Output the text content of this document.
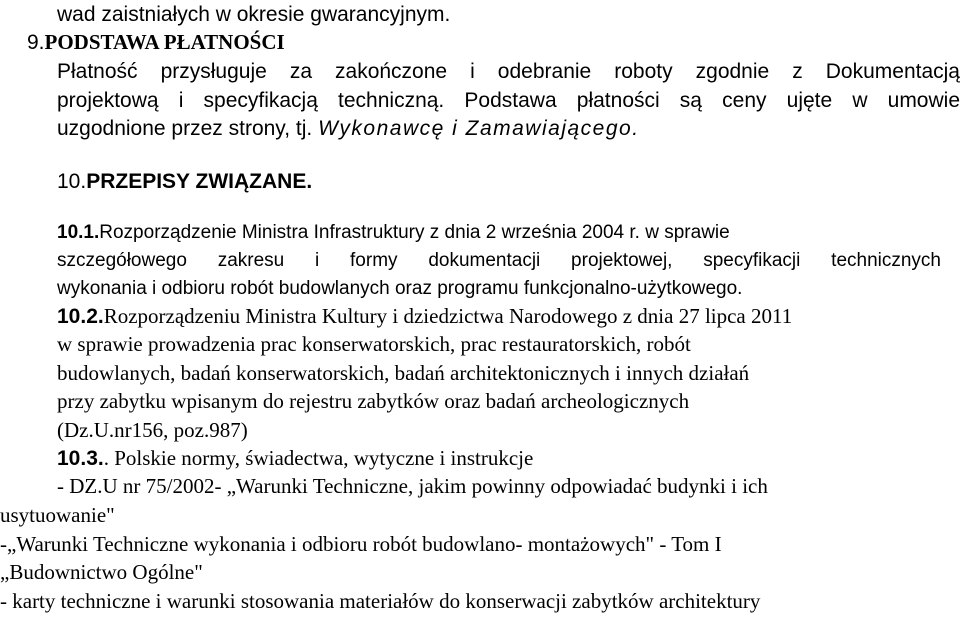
wad zaistniałych w okresie gwarancyjnym.
9.PODSTAWA PŁATNOŚCI
Płatność przysługuje za zakończone i odebranie roboty zgodnie z Dokumentacją
projektową i specyfikacją techniczną. Podstawa płatności są ceny ujęte w umowie
uzgodnione przez strony, tj. Wykonawcę i Zamawiającego.
10.PRZEPISY ZWIĄZANE.
10.1.Rozporządzenie Ministra Infrastruktury z dnia 2 września 2004 r. w sprawie
szczegółowego zakresu i formy dokumentacji projektowej, specyfikacji technicznych
wykonania i odbioru robót budowlanych oraz programu funkcjonalno-użytkowego.
10.2.Rozporządzeniu Ministra Kultury i dziedzictwa Narodowego z dnia 27 lipca 2011
w sprawie prowadzenia prac konserwatorskich, prac restauratorskich, robót
budowlanych, badań konserwatorskich, badań architektonicznych i innych działań
przy zabytku wpisanym do rejestru zabytków oraz badań archeologicznych
(Dz.U.nr156, poz.987)
10.3.. Polskie normy, świadectwa, wytyczne i instrukcje
- DZ.U nr 75/2002- „Warunki Techniczne, jakim powinny odpowiadać budynki i ich
usytuowanie"
-„Warunki Techniczne wykonania i odbioru robót budowlano- montażowych" - Tom I
„Budownictwo Ogólne"
- karty techniczne i warunki stosowania materiałów do konserwacji zabytków architektury
